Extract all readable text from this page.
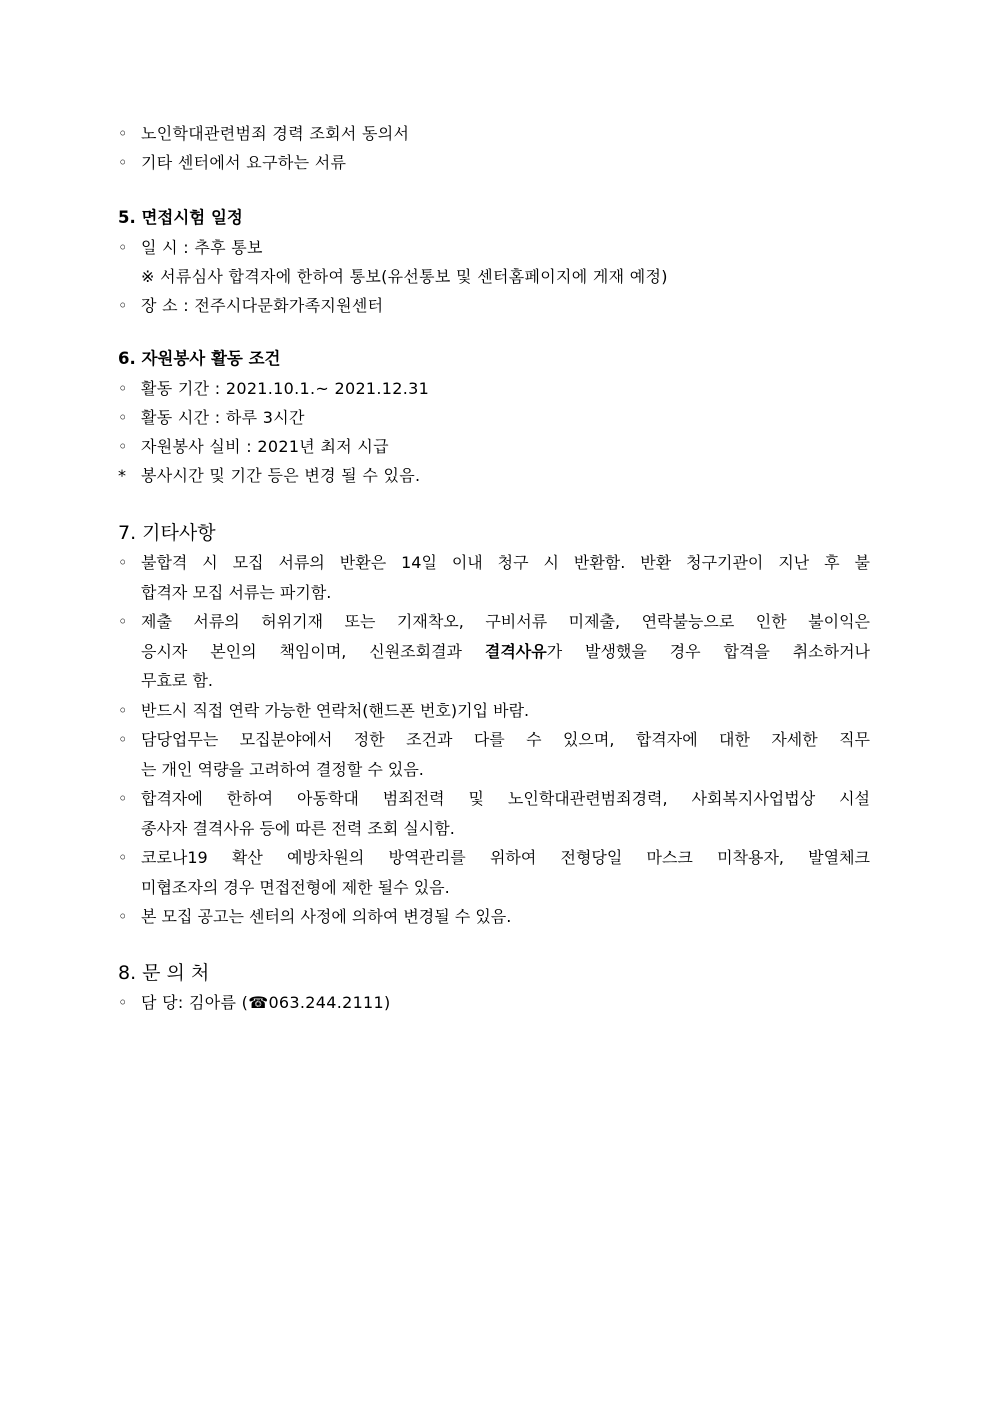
◦ 노인학대관련범죄 경력 조회서 동의서
◦ 기타 센터에서 요구하는 서류
5. 면접시험 일정
◦ 일 시 : 추후 통보
※ 서류심사 합격자에 한하여 통보(유선통보 및 센터홈페이지에 게재 예정)
◦ 장 소 : 전주시다문화가족지원센터
6. 자원봉사 활동 조건
◦ 활동 기간 : 2021.10.1.~ 2021.12.31
◦ 활동 시간 : 하루 3시간
◦ 자원봉사 실비 : 2021년 최저 시급
* 봉사시간 및 기간 등은 변경 될 수 있음.
7. 기타사항
◦ 불합격 시 모집 서류의 반환은 14일 이내 청구 시 반환함. 반환 청구기관이 지난 후 불
합격자 모집 서류는 파기함.
◦ 제출 서류의 허위기재 또는 기재착오, 구비서류 미제출, 연락불능으로 인한 불이익은
응시자 본인의 책임이며, 신원조회결과 결격사유가 발생했을 경우 합격을 취소하거나
무효로 함.
◦ 반드시 직접 연락 가능한 연락처(핸드폰 번호)기입 바람.
◦ 담당업무는 모집분야에서 정한 조건과 다를 수 있으며, 합격자에 대한 자세한 직무
는 개인 역량을 고려하여 결정할 수 있음.
◦ 합격자에 한하여 아동학대 범죄전력 및 노인학대관련범죄경력, 사회복지사업법상 시설
종사자 결격사유 등에 따른 전력 조회 실시함.
◦ 코로나19 확산 예방차원의 방역관리를 위하여 전형당일 마스크 미착용자, 발열체크
미협조자의 경우 면접전형에 제한 될수 있음.
◦ 본 모집 공고는 센터의 사정에 의하여 변경될 수 있음.
8. 문 의 처
◦ 담 당: 김아름 (☎063.244.2111)
